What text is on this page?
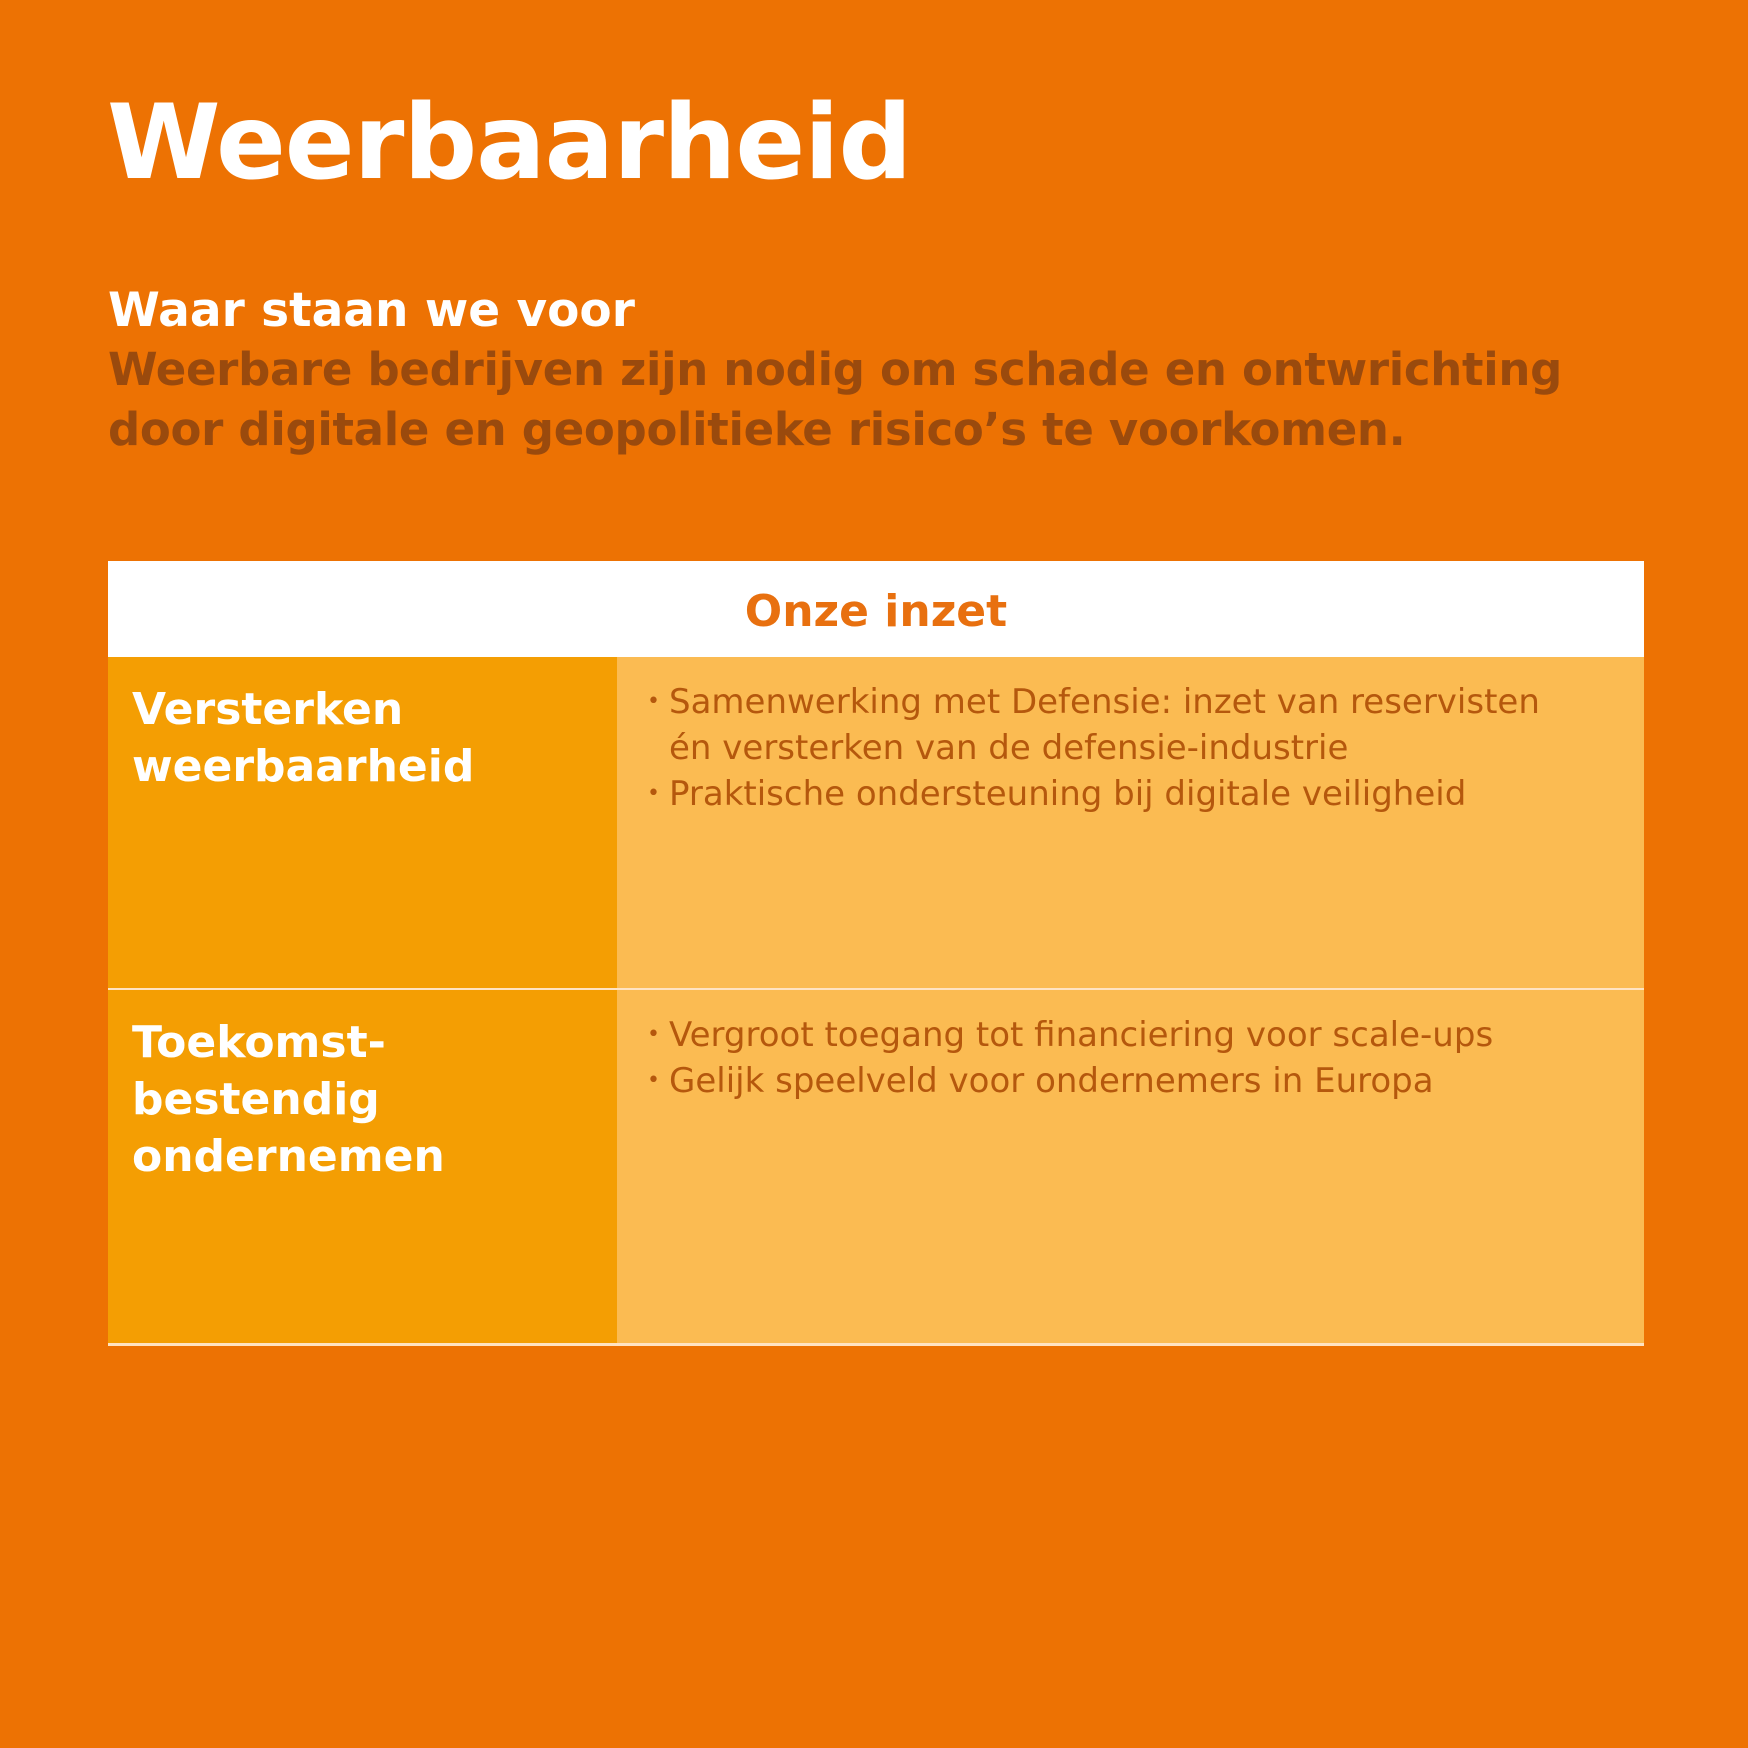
Weerbaarheid
Waar staan we voor
Weerbare bedrijven zijn nodig om schade en ontwrichting
door digitale en geopolitieke risico’s te voorkomen.
Onze inzet
Versterken
weerbaarheid
• Samenwerking met Defensie: inzet van reservisten
én versterken van de defensie-industrie
• Praktische ondersteuning bij digitale veiligheid
Toekomst-
bestendig
ondernemen
• Vergroot toegang tot financiering voor scale-ups
• Gelijk speelveld voor ondernemers in Europa
